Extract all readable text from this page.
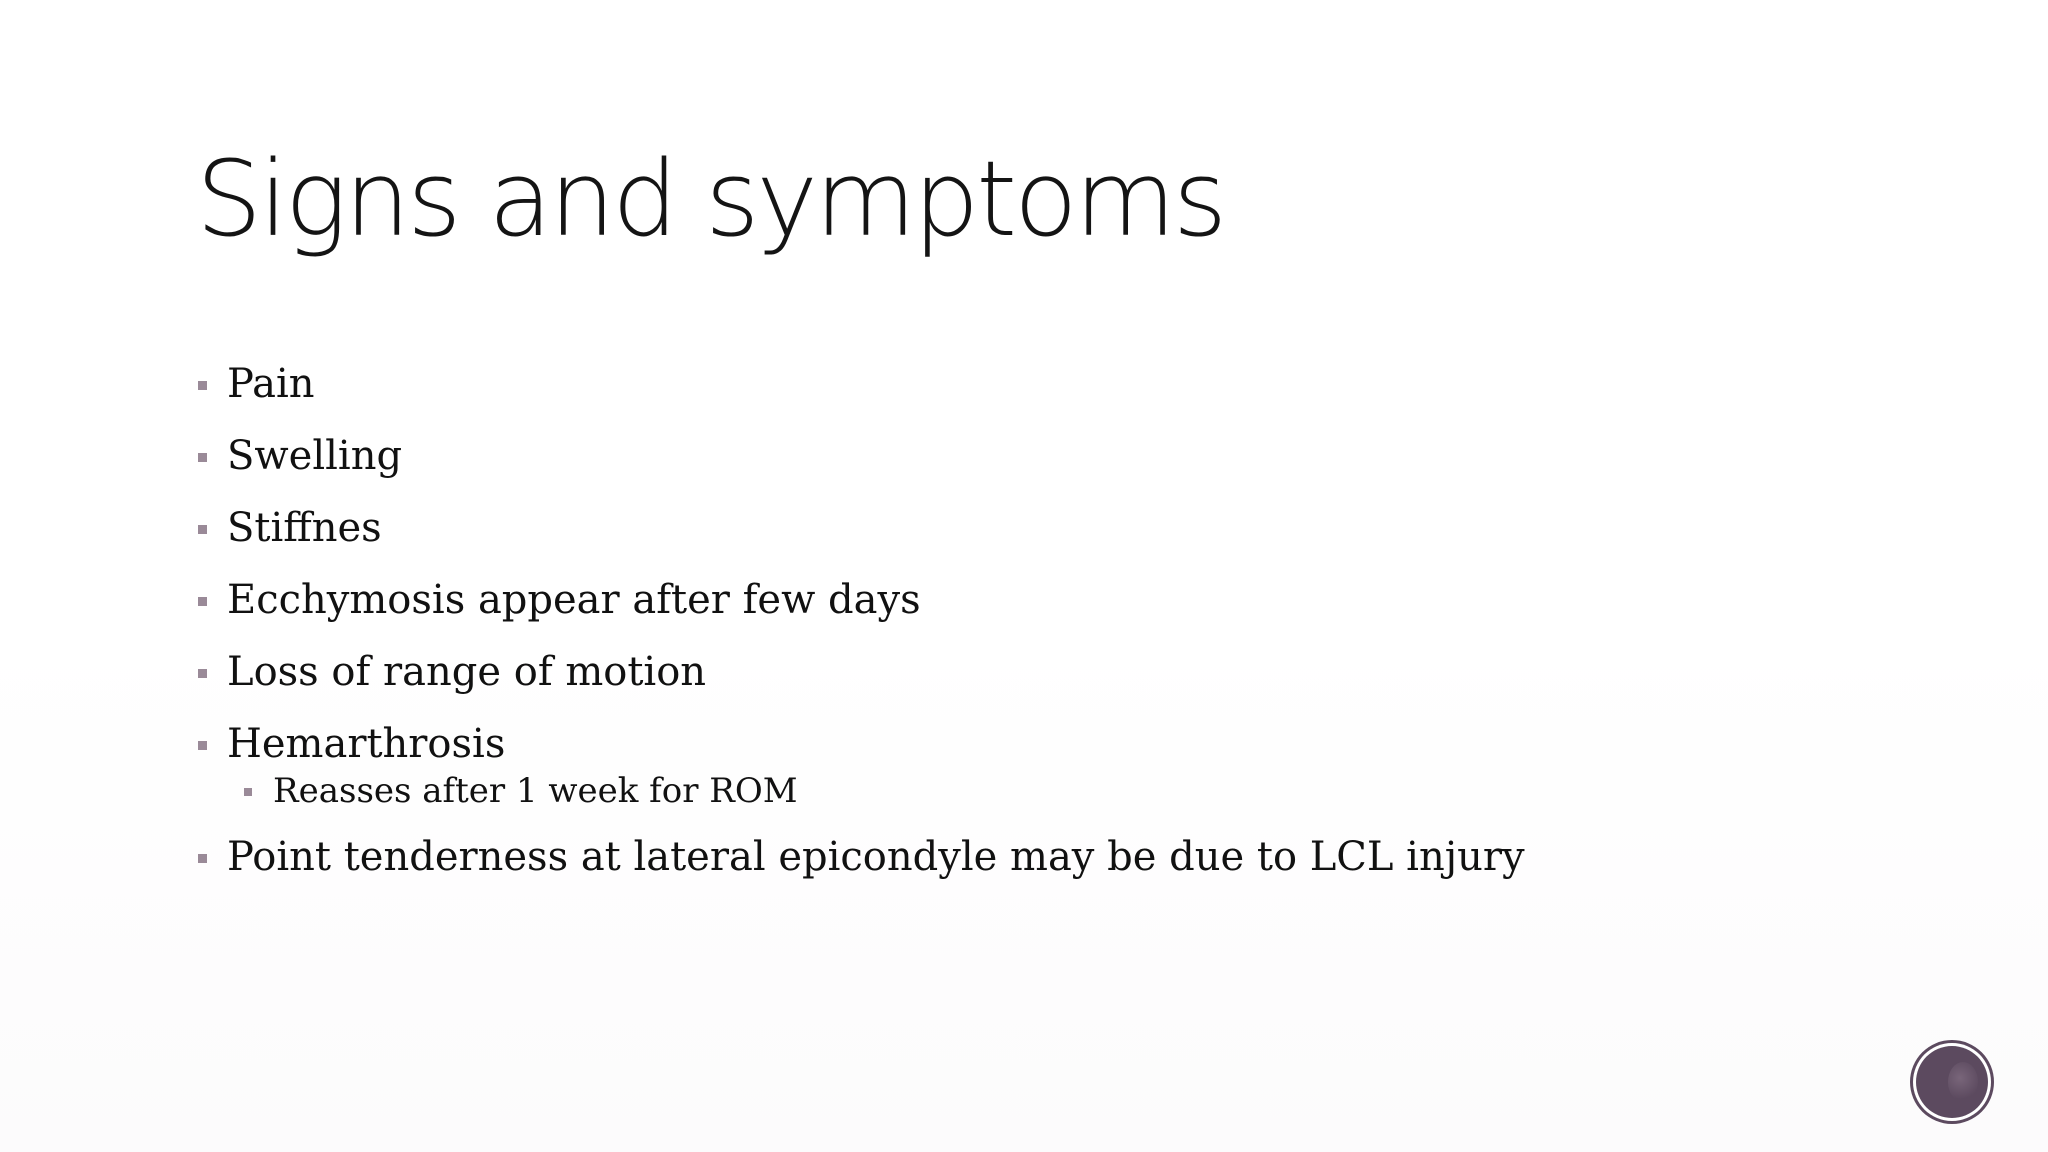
Signs and symptoms
Pain
Swelling
Stiffnes
Ecchymosis appear after few days
Loss of range of motion
Hemarthrosis
Reasses after 1 week for ROM
Point tenderness at lateral epicondyle may be due to LCL injury
